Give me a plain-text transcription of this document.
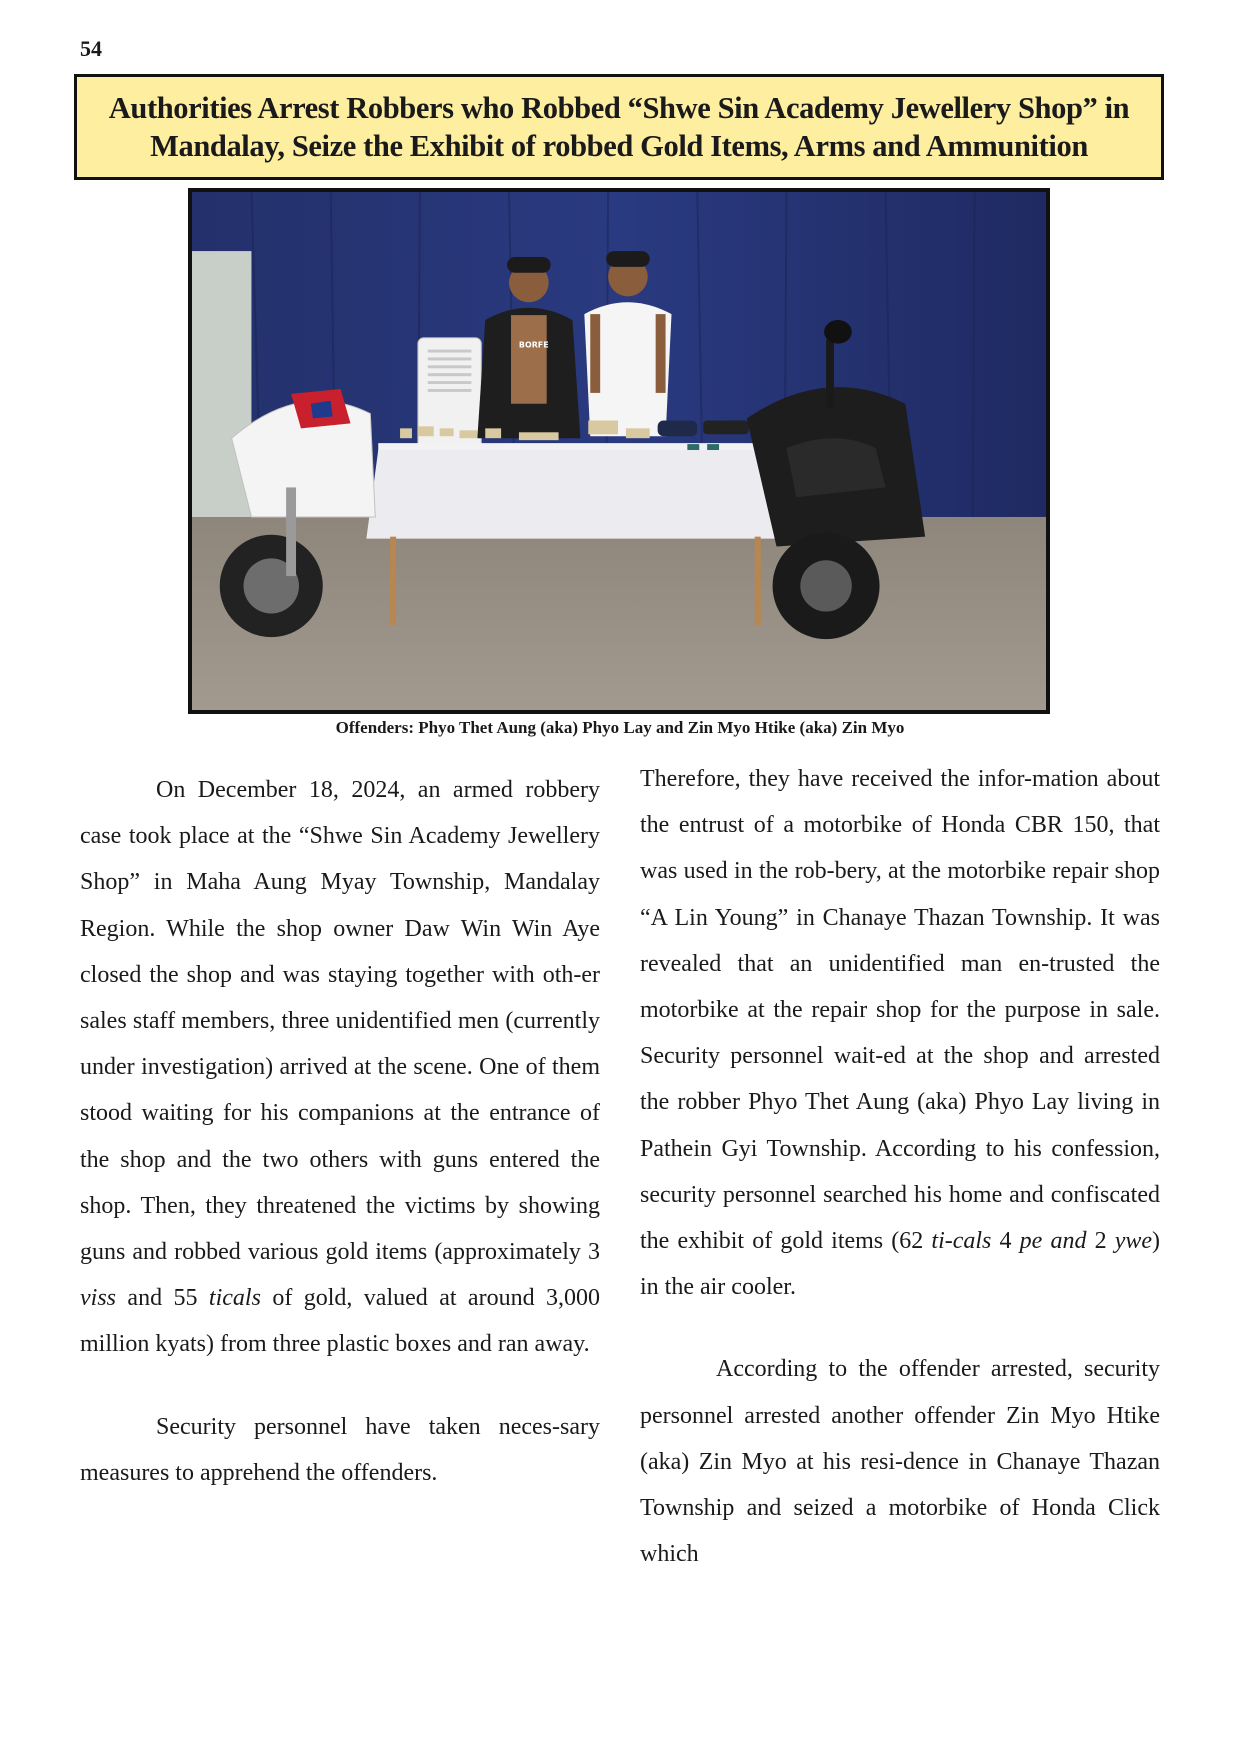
54
Authorities Arrest Robbers who Robbed “Shwe Sin Academy Jewellery Shop” in
Mandalay, Seize the Exhibit of robbed Gold Items, Arms and Ammunition
BORFE
Offenders: Phyo Thet Aung (aka) Phyo Lay and Zin Myo Htike (aka) Zin Myo

On December 18, 2024, an armed robbery case took place at the “Shwe Sin Academy Jewellery Shop” in Maha Aung Myay Township, Mandalay Region. While the shop owner Daw Win Win Aye closed the shop and was staying together with oth-er sales staff members, three unidentified men (currently under investigation) arrived at the scene. One of them stood waiting for his companions at the entrance of the shop and the two others with guns entered the shop. Then, they threatened the victims by showing guns and robbed various gold items (approximately 3 viss and 55 ticals of gold, valued at around 3,000 million kyats) from three plastic boxes and ran away.

Security personnel have taken neces-sary measures to apprehend the offenders.

Therefore, they have received the infor-mation about the entrust of a motorbike of Honda CBR 150, that was used in the rob-bery, at the motorbike repair shop “A Lin Young” in Chanaye Thazan Township. It was revealed that an unidentified man en-trusted the motorbike at the repair shop for the purpose in sale. Security personnel wait-ed at the shop and arrested the robber Phyo Thet Aung (aka) Phyo Lay living in Pathein Gyi Township. According to his confession, security personnel searched his home and confiscated the exhibit of gold items (62 ti-cals 4 pe and 2 ywe) in the air cooler.

According to the offender arrested, security personnel arrested another offender Zin Myo Htike (aka) Zin Myo at his resi-dence in Chanaye Thazan Township and seized a motorbike of Honda Click which
